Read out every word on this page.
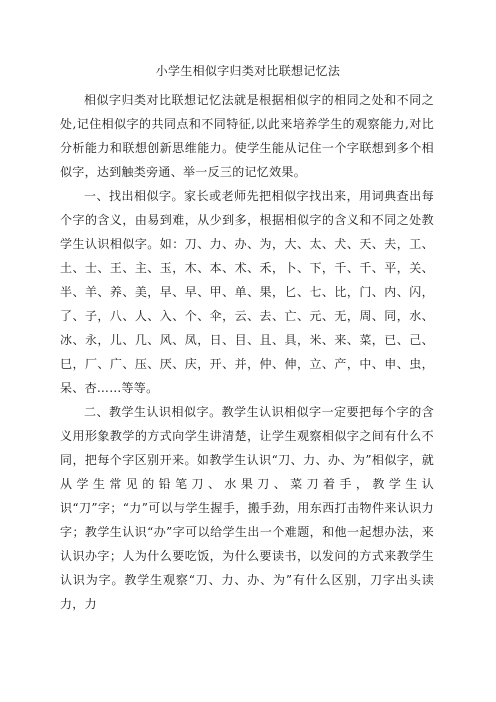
小学生相似字归类对比联想记忆法

相似字归类对比联想记忆法就是根据相似字的相同之处和不同之处,记住相似字的共同点和不同特征,以此来培养学生的观察能力,对比分析能力和联想创新思维能力。使学生能从记住一个字联想到多个相似字，达到触类旁通、举一反三的记忆效果。

一、找出相似字。家长或老师先把相似字找出来，用词典查出每个字的含义，由易到难，从少到多，根据相似字的含义和不同之处教学生认识相似字。如：刀、力、办、为，大、太、犬、天、夫，工、土、士、王、主、玉，木、本、术、禾，卜、下，千、千、平，关、半、羊、养、美，早、早、甲、单、果，匕、七、比，门、内、闪，了、子，八、人、入、个、伞，云、去、亡、元、无，周、同，水、冰、永，儿、几、风、凤，日、目、且、具，米、来、菜，已、己、巳，厂、广、压、厌、庆，开、并，仲、伸，立、产，中、申、虫，呆、杏……等等。

二、教学生认识相似字。教学生认识相似字一定要把每个字的含义用形象教学的方式向学生讲清楚，让学生观察相似字之间有什么不同，把每个字区别开来。如教学生认识“刀、力、办、为”相似字，就从学生常见的铅笔刀、水果刀、菜刀着手，教学生认识“刀”字；“力”可以与学生握手，搬手劲，用东西打击物件来认识力字；教学生认识“办”字可以给学生出一个难题，和他一起想办法，来认识办字；人为什么要吃饭，为什么要读书，以发问的方式来教学生认识为字。教学生观察“刀、力、办、为”有什么区别，刀字出头读力，力
